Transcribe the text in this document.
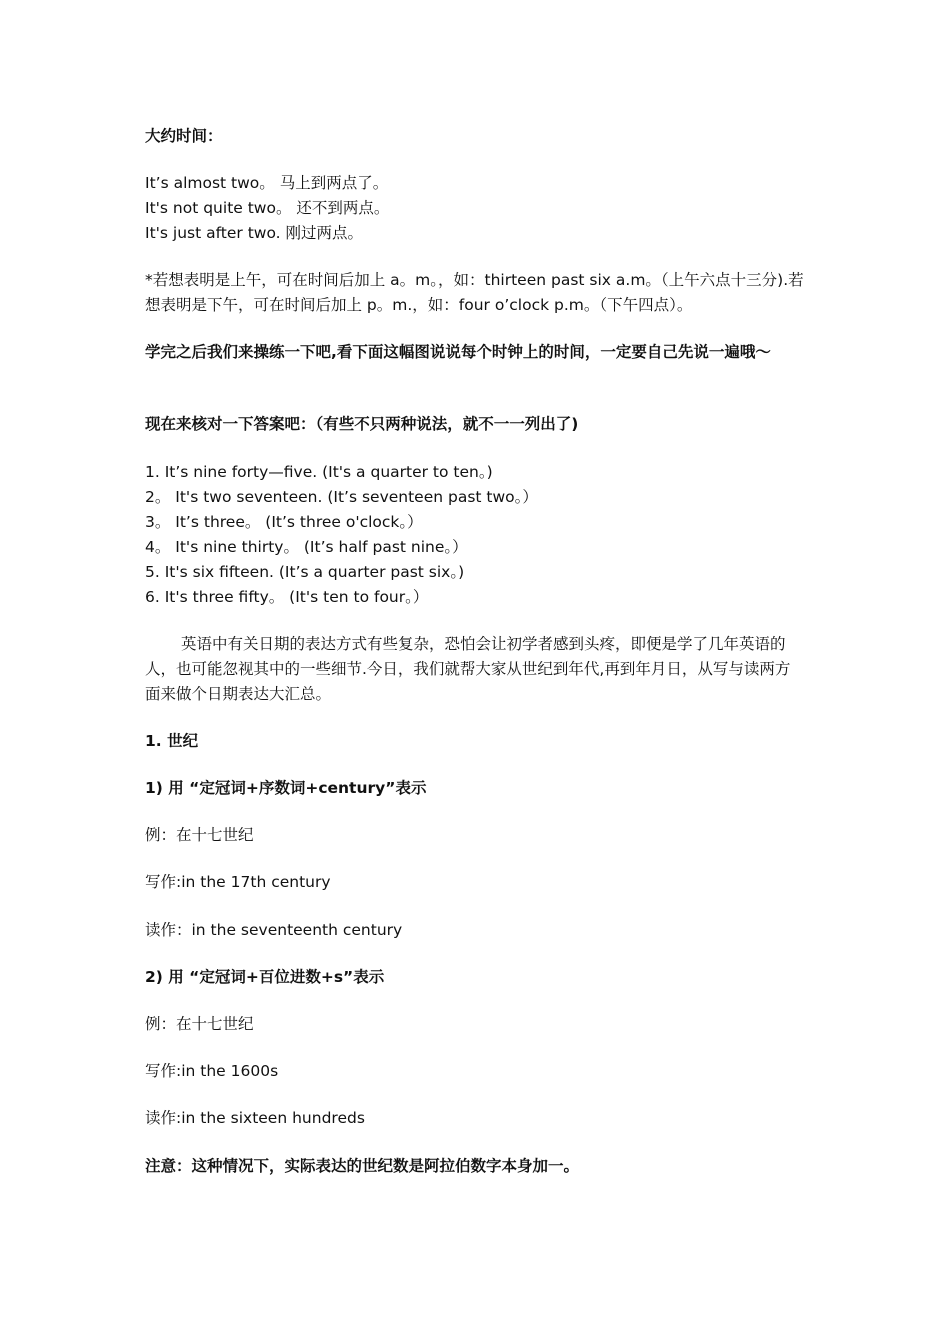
大约时间：
It’s almost two。 马上到两点了。
It's not quite two。 还不到两点。
It's just after two. 刚过两点。
*若想表明是上午，可在时间后加上 a。m。，如：thirteen past six a.m。（上午六点十三分).若想表明是下午，可在时间后加上 p。m.，如：four o’clock p.m。（下午四点）。
学完之后我们来操练一下吧,看下面这幅图说说每个时钟上的时间，一定要自己先说一遍哦～
现在来核对一下答案吧：（有些不只两种说法，就不一一列出了)
1. It’s nine forty—five. (It's a quarter to ten。)
2。 It's two seventeen. (It’s seventeen past two。）
3。 It’s three。 (It’s three o'clock。）
4。 It's nine thirty。 (It’s half past nine。）
5. It's six fifteen. (It’s a quarter past six。)
6. It's three fifty。 (It's ten to four。）
英语中有关日期的表达方式有些复杂，恐怕会让初学者感到头疼，即便是学了几年英语的人，也可能忽视其中的一些细节.今日，我们就帮大家从世纪到年代,再到年月日，从写与读两方面来做个日期表达大汇总。
1. 世纪
1) 用 “定冠词+序数词+century”表示
例：在十七世纪
写作:in the 17th century
读作：in the seventeenth century
2) 用 “定冠词+百位进数+s”表示
例：在十七世纪
写作:in the 1600s
读作:in the sixteen hundreds
注意：这种情况下，实际表达的世纪数是阿拉伯数字本身加一。
